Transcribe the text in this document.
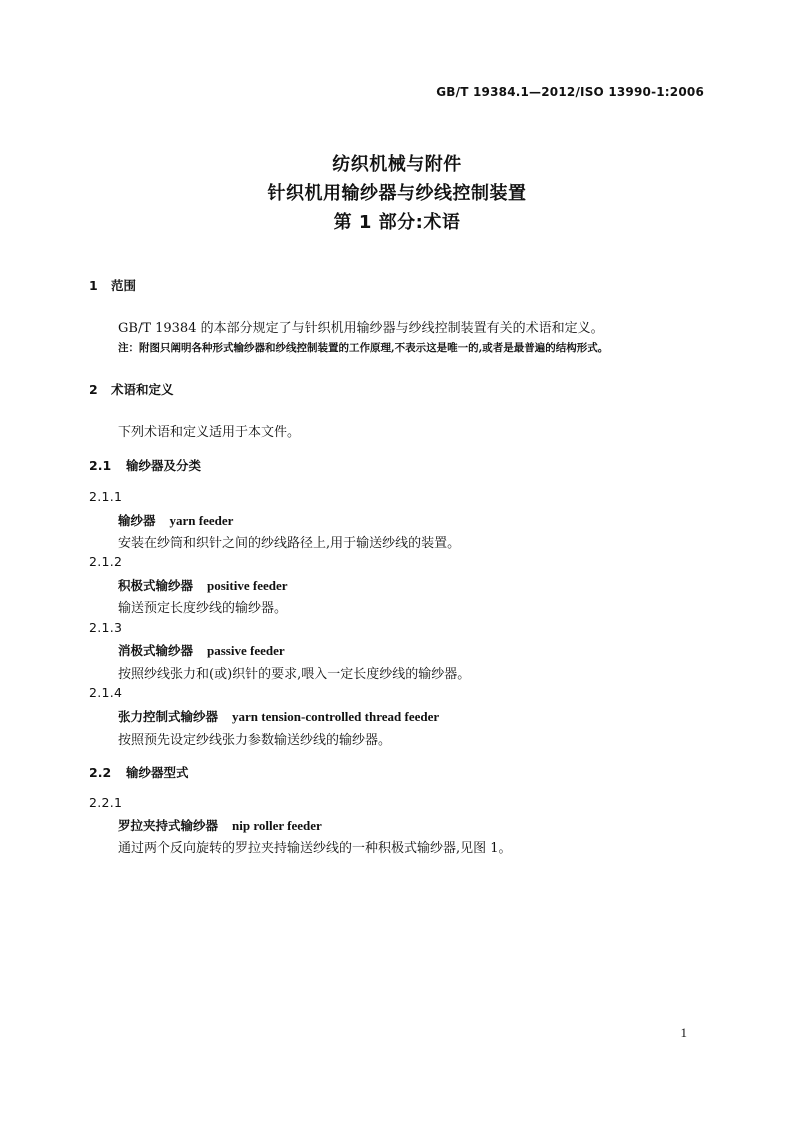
GB/T 19384.1—2012/ISO 13990-1:2006
纺织机械与附件
针织机用输纱器与纱线控制装置
第 1 部分:术语
1 范围
GB/T 19384 的本部分规定了与针织机用输纱器与纱线控制装置有关的术语和定义。
注：附图只阐明各种形式输纱器和纱线控制装置的工作原理,不表示这是唯一的,或者是最普遍的结构形式。
2 术语和定义
下列术语和定义适用于本文件。
2.1 输纱器及分类
2.1.1
输纱器 yarn feeder
安装在纱筒和织针之间的纱线路径上,用于输送纱线的装置。
2.1.2
积极式输纱器 positive feeder
输送预定长度纱线的输纱器。
2.1.3
消极式输纱器 passive feeder
按照纱线张力和(或)织针的要求,喂入一定长度纱线的输纱器。
2.1.4
张力控制式输纱器 yarn tension-controlled thread feeder
按照预先设定纱线张力参数输送纱线的输纱器。
2.2 输纱器型式
2.2.1
罗拉夹持式输纱器 nip roller feeder
通过两个反向旋转的罗拉夹持输送纱线的一种积极式输纱器,见图 1。
1
